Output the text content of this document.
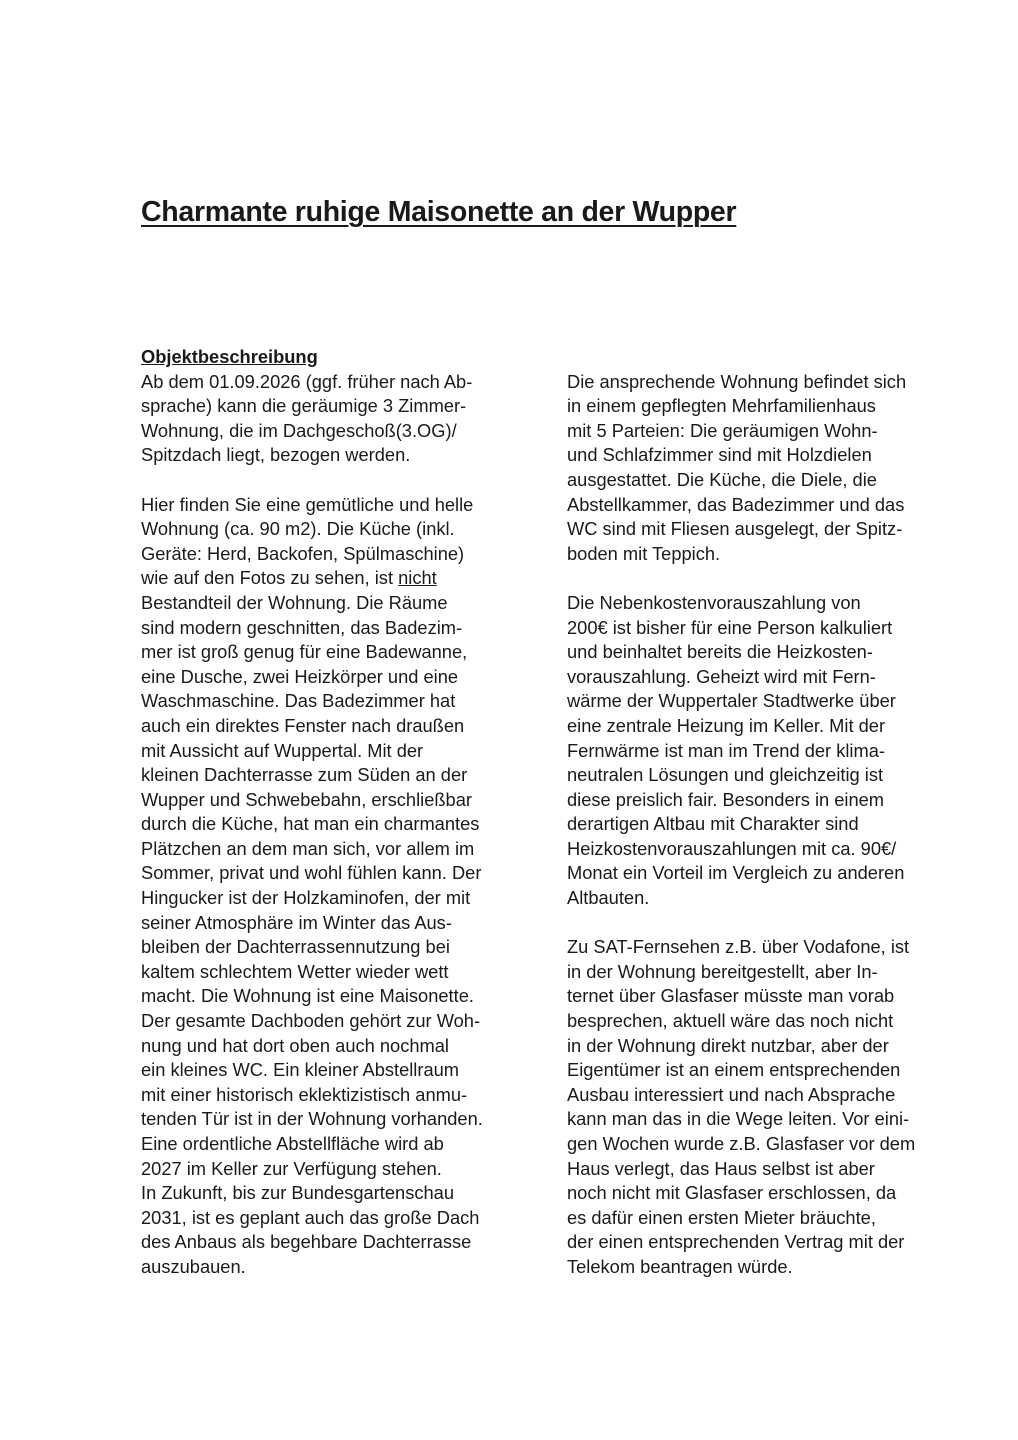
Charmante ruhige Maisonette an der Wupper
Objektbeschreibung
Ab dem 01.09.2026 (ggf. früher nach Ab-
sprache) kann die geräumige 3 Zimmer-
Wohnung, die im Dachgeschoß(3.OG)/
Spitzdach liegt, bezogen werden.
Hier finden Sie eine gemütliche und helle
Wohnung (ca. 90 m2). Die Küche (inkl.
Geräte: Herd, Backofen, Spülmaschine)
wie auf den Fotos zu sehen, ist nicht
Bestandteil der Wohnung. Die Räume
sind modern geschnitten, das Badezim-
mer ist groß genug für eine Badewanne,
eine Dusche, zwei Heizkörper und eine
Waschmaschine. Das Badezimmer hat
auch ein direktes Fenster nach draußen
mit Aussicht auf Wuppertal. Mit der
kleinen Dachterrasse zum Süden an der
Wupper und Schwebebahn, erschließbar
durch die Küche, hat man ein charmantes
Plätzchen an dem man sich, vor allem im
Sommer, privat und wohl fühlen kann. Der
Hingucker ist der Holzkaminofen, der mit
seiner Atmosphäre im Winter das Aus-
bleiben der Dachterrassennutzung bei
kaltem schlechtem Wetter wieder wett
macht. Die Wohnung ist eine Maisonette.
Der gesamte Dachboden gehört zur Woh-
nung und hat dort oben auch nochmal
ein kleines WC. Ein kleiner Abstellraum
mit einer historisch eklektizistisch anmu-
tenden Tür ist in der Wohnung vorhanden.
Eine ordentliche Abstellfläche wird ab
2027 im Keller zur Verfügung stehen.
In Zukunft, bis zur Bundesgartenschau
2031, ist es geplant auch das große Dach
des Anbaus als begehbare Dachterrasse
auszubauen.
Die ansprechende Wohnung befindet sich
in einem gepflegten Mehrfamilienhaus
mit 5 Parteien: Die geräumigen Wohn-
und Schlafzimmer sind mit Holzdielen
ausgestattet. Die Küche, die Diele, die
Abstellkammer, das Badezimmer und das
WC sind mit Fliesen ausgelegt, der Spitz-
boden mit Teppich.
Die Nebenkostenvorauszahlung von
200€ ist bisher für eine Person kalkuliert
und beinhaltet bereits die Heizkosten-
vorauszahlung. Geheizt wird mit Fern-
wärme der Wuppertaler Stadtwerke über
eine zentrale Heizung im Keller. Mit der
Fernwärme ist man im Trend der klima-
neutralen Lösungen und gleichzeitig ist
diese preislich fair. Besonders in einem
derartigen Altbau mit Charakter sind
Heizkostenvorauszahlungen mit ca. 90€/
Monat ein Vorteil im Vergleich zu anderen
Altbauten.
Zu SAT-Fernsehen z.B. über Vodafone, ist
in der Wohnung bereitgestellt, aber In-
ternet über Glasfaser müsste man vorab
besprechen, aktuell wäre das noch nicht
in der Wohnung direkt nutzbar, aber der
Eigentümer ist an einem entsprechenden
Ausbau interessiert und nach Absprache
kann man das in die Wege leiten. Vor eini-
gen Wochen wurde z.B. Glasfaser vor dem
Haus verlegt, das Haus selbst ist aber
noch nicht mit Glasfaser erschlossen, da
es dafür einen ersten Mieter bräuchte,
der einen entsprechenden Vertrag mit der
Telekom beantragen würde.
